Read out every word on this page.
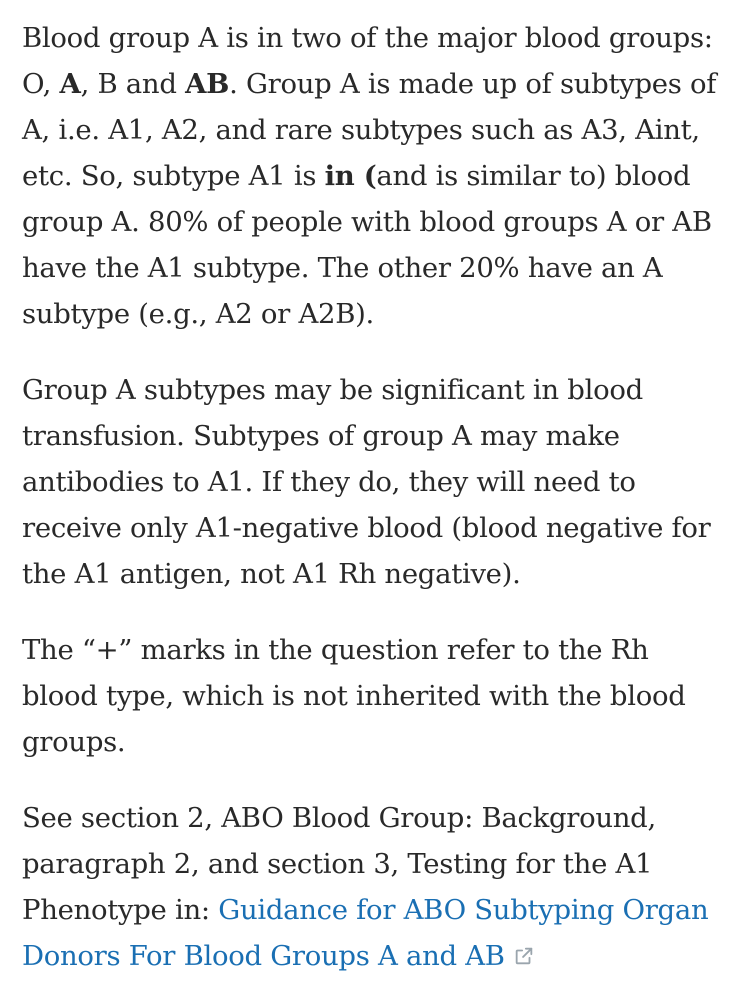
Blood group A is in two of the major blood groups: O, A, B and AB. Group A is made up of subtypes of A, i.e. A1, A2, and rare subtypes such as A3, Aint, etc. So, subtype A1 is in (and is similar to) blood group A. 80% of people with blood groups A or AB have the A1 subtype. The other 20% have an A subtype (e.g., A2 or A2B).

Group A subtypes may be significant in blood transfusion. Subtypes of group A may make antibodies to A1. If they do, they will need to receive only A1-negative blood (blood negative for the A1 antigen, not A1 Rh negative).

The “+” marks in the question refer to the Rh blood type, which is not inherited with the blood groups.

See section 2, ABO Blood Group: Background, paragraph 2, and section 3, Testing for the A1 Phenotype in: Guidance for ABO Subtyping Organ Donors For Blood Groups A and AB
